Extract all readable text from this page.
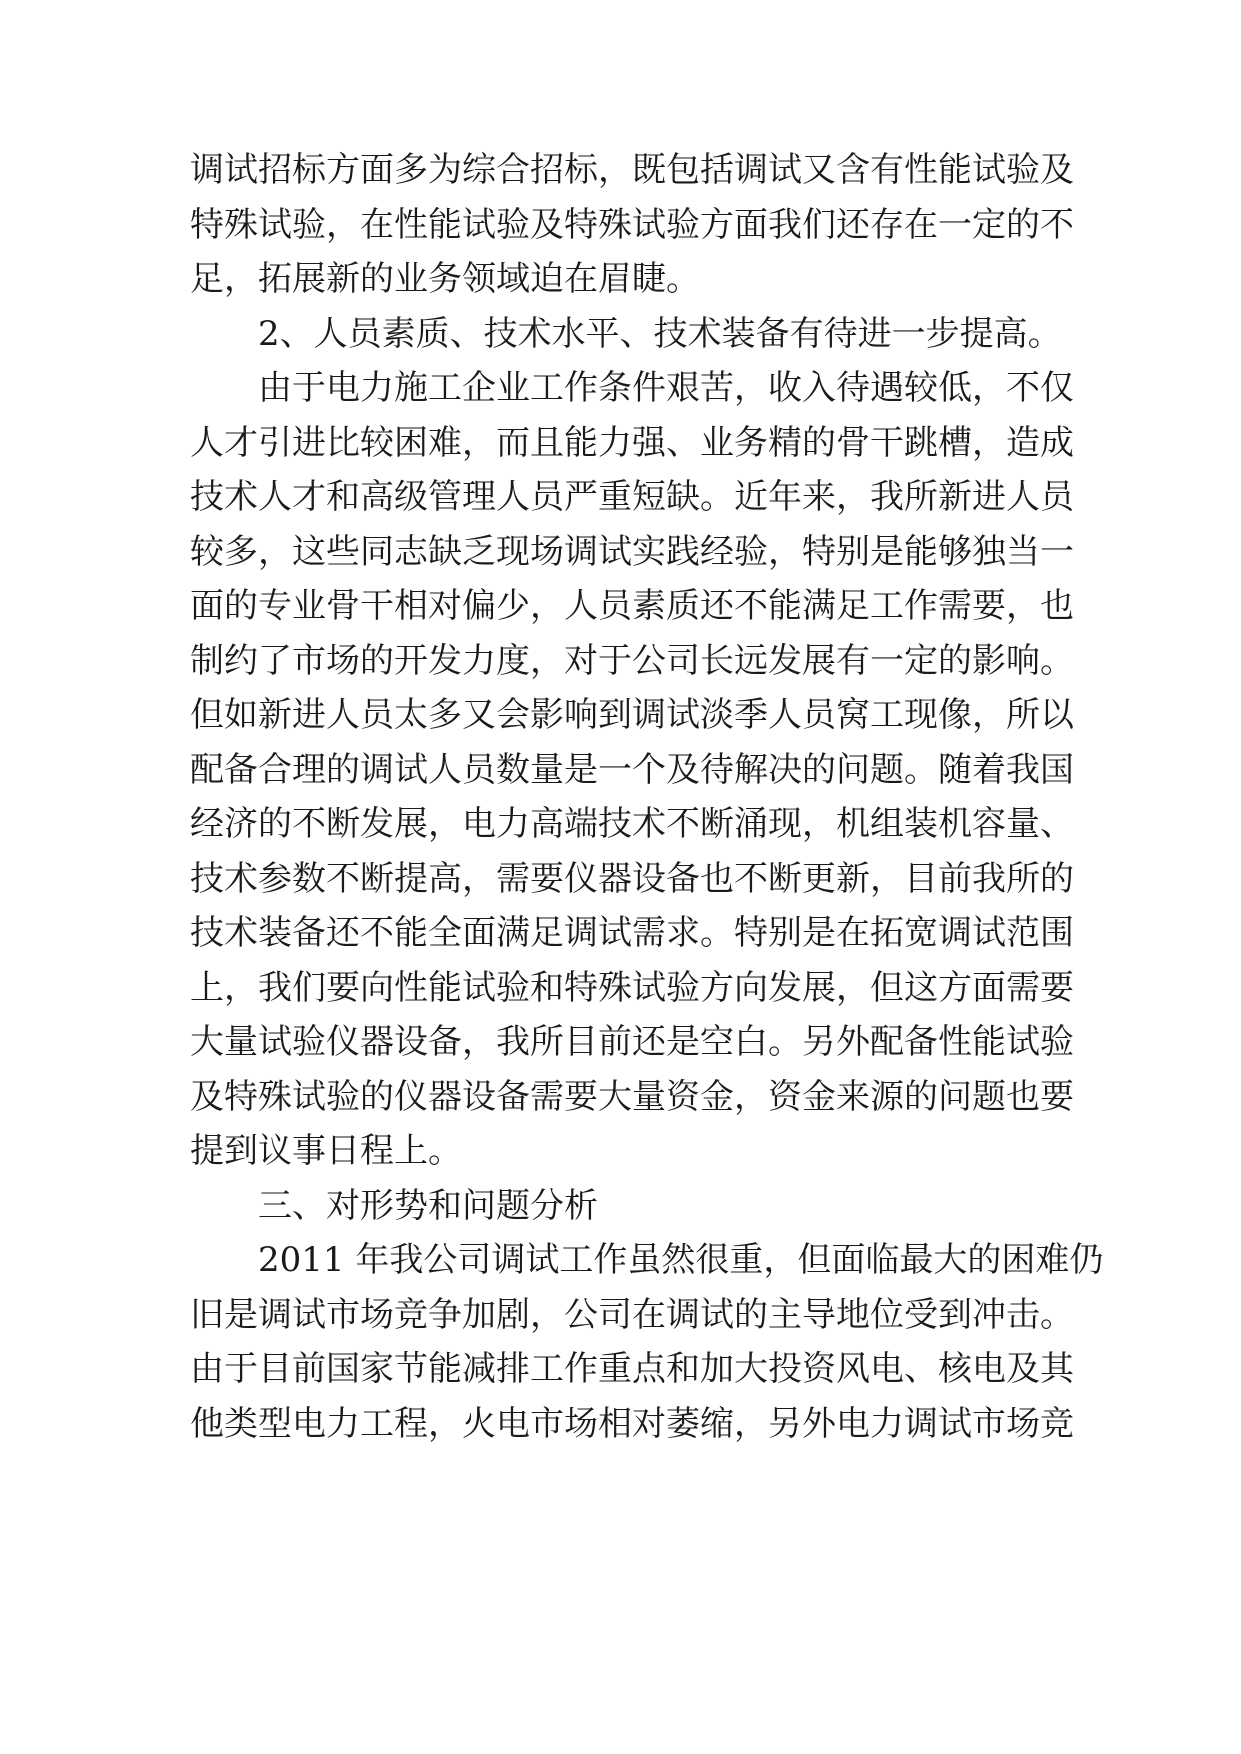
调试招标方面多为综合招标，既包括调试又含有性能试验及
特殊试验，在性能试验及特殊试验方面我们还存在一定的不
足，拓展新的业务领域迫在眉睫。
2、人员素质、技术水平、技术装备有待进一步提高。
由于电力施工企业工作条件艰苦，收入待遇较低，不仅
人才引进比较困难，而且能力强、业务精的骨干跳槽，造成
技术人才和高级管理人员严重短缺。近年来，我所新进人员
较多，这些同志缺乏现场调试实践经验，特别是能够独当一
面的专业骨干相对偏少，人员素质还不能满足工作需要，也
制约了市场的开发力度，对于公司长远发展有一定的影响。
但如新进人员太多又会影响到调试淡季人员窝工现像，所以
配备合理的调试人员数量是一个及待解决的问题。随着我国
经济的不断发展，电力高端技术不断涌现，机组装机容量、
技术参数不断提高，需要仪器设备也不断更新，目前我所的
技术装备还不能全面满足调试需求。特别是在拓宽调试范围
上，我们要向性能试验和特殊试验方向发展，但这方面需要
大量试验仪器设备，我所目前还是空白。另外配备性能试验
及特殊试验的仪器设备需要大量资金，资金来源的问题也要
提到议事日程上。
三、对形势和问题分析
2011 年我公司调试工作虽然很重，但面临最大的困难仍
旧是调试市场竞争加剧，公司在调试的主导地位受到冲击。
由于目前国家节能减排工作重点和加大投资风电、核电及其
他类型电力工程，火电市场相对萎缩，另外电力调试市场竞
